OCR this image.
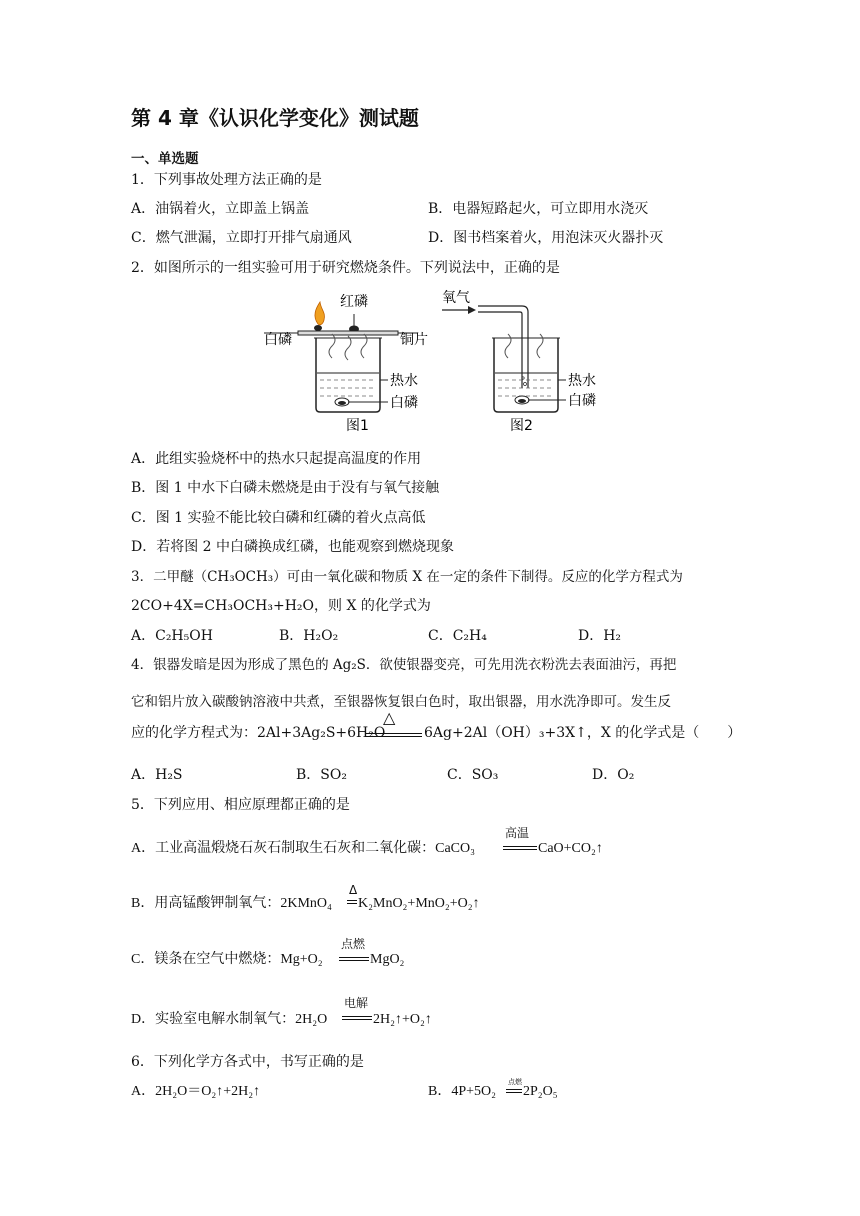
第 4 章《认识化学变化》测试题
一、单选题
1．下列事故处理方法正确的是
A．油锅着火，立即盖上锅盖	B．电器短路起火，可立即用水浇灭
C．燃气泄漏，立即打开排气扇通风	D．图书档案着火，用泡沫灭火器扑灭
2．如图所示的一组实验可用于研究燃烧条件。下列说法中，正确的是
红磷
白磷	铜片
热水
白磷
图1
氧气
热水
白磷
图2
A．此组实验烧杯中的热水只起提高温度的作用
B．图 1 中水下白磷未燃烧是由于没有与氧气接触
C．图 1 实验不能比较白磷和红磷的着火点高低
D．若将图 2 中白磷换成红磷，也能观察到燃烧现象
3．二甲醚（CH₃OCH₃）可由一氧化碳和物质 X 在一定的条件下制得。反应的化学方程式为
2CO+4X=CH₃OCH₃+H₂O，则 X 的化学式为
A．C₂H₅OH	B．H₂O₂	C．C₂H₄	D．H₂
4．银器发暗是因为形成了黑色的 Ag₂S．欲使银器变亮，可先用洗衣粉洗去表面油污，再把
它和铝片放入碳酸钠溶液中共煮，至银器恢复银白色时，取出银器，用水洗净即可。发生反
应的化学方程式为：2Al+3Ag₂S+6H₂O
△
6Ag+2Al（OH）₃+3X↑，X 的化学式是（　　）
A．H₂S	B．SO₂	C．SO₃	D．O₂
5．下列应用、相应原理都正确的是
A．工业高温煅烧石灰石制取生石灰和二氧化碳：CaCO₃
高温
CaO+CO₂↑
B．用高锰酸钾制氧气：2KMnO₄
Δ
K₂MnO₂+MnO₂+O₂↑
C．镁条在空气中燃烧：Mg+O₂
点燃
MgO₂
D．实验室电解水制氧气：2H₂O
电解
2H₂↑+O₂↑
6．下列化学方各式中，书写正确的是
A．2H₂O＝O₂↑+2H₂↑	B．4P+5O₂
点燃
2P₂O₅
